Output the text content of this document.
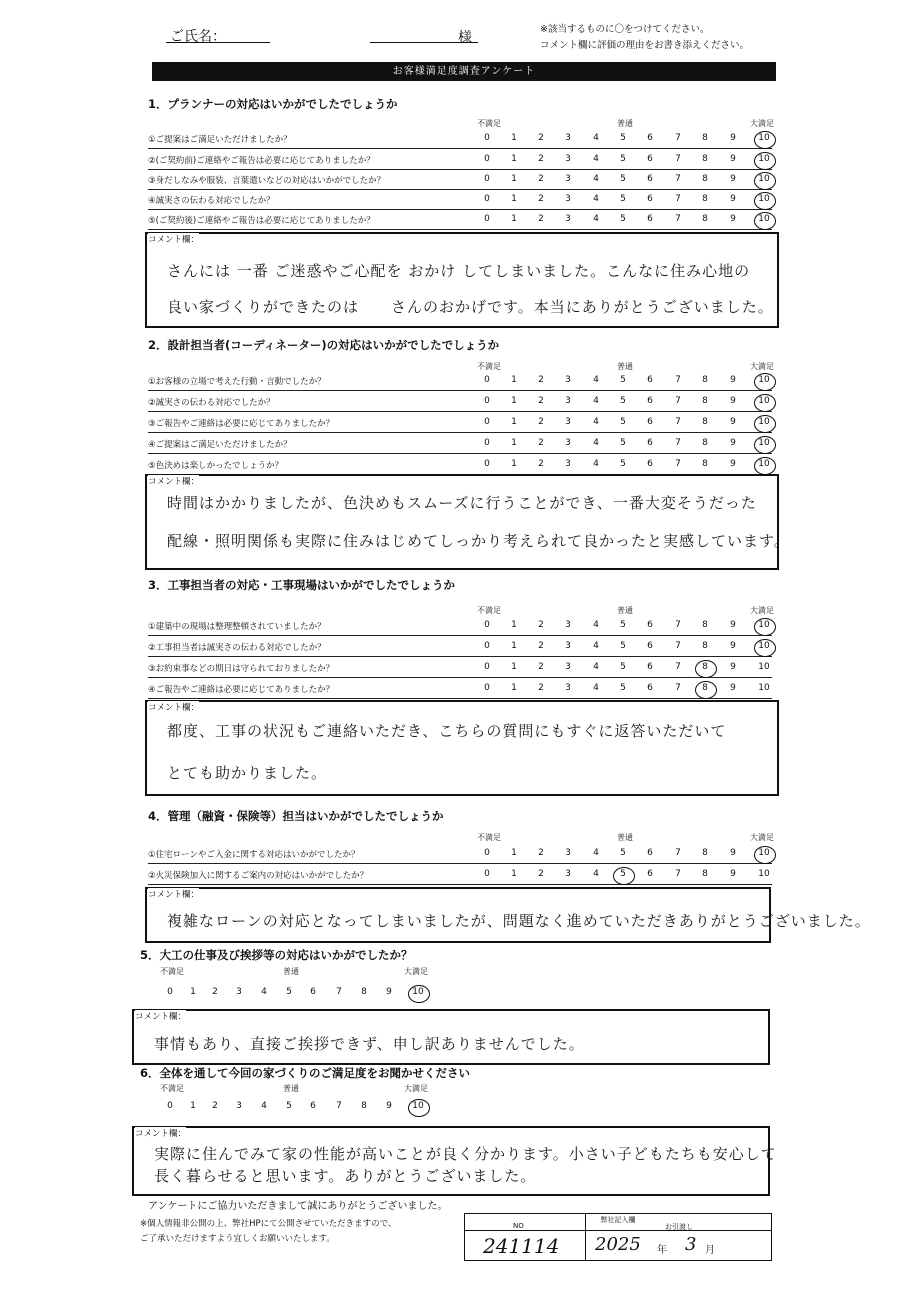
ご氏名：	様
※該当するものに〇をつけてください。
コメント欄に評価の理由をお書き添えください。
お客様満足度調査アンケート
1．プランナーの対応はいかがでしたでしょうか
不満足	普通	大満足
①ご提案はご満足いただけましたか？	0	1	2	3	4	5	6	7	8	9	10
②(ご契約前)ご連絡やご報告は必要に応じてありましたか？	0	1	2	3	4	5	6	7	8	9	10
③身だしなみや服装、言葉遣いなどの対応はいかがでしたか？	0	1	2	3	4	5	6	7	8	9	10
④誠実さの伝わる対応でしたか？	0	1	2	3	4	5	6	7	8	9	10
⑤(ご契約後)ご連絡やご報告は必要に応じてありましたか？	0	1	2	3	4	5	6	7	8	9	10
コメント欄：
さんには 一番 ご迷惑やご心配を おかけ してしまいました。こんなに住み心地の
良い家づくりができたのは　　さんのおかげです。本当にありがとうございました。
2．設計担当者(コーディネーター)の対応はいかがでしたでしょうか
不満足	普通	大満足
①お客様の立場で考えた行動・言動でしたか？	0	1	2	3	4	5	6	7	8	9	10
②誠実さの伝わる対応でしたか？	0	1	2	3	4	5	6	7	8	9	10
③ご報告やご連絡は必要に応じてありましたか？	0	1	2	3	4	5	6	7	8	9	10
④ご提案はご満足いただけましたか？	0	1	2	3	4	5	6	7	8	9	10
⑤色決めは楽しかったでしょうか？	0	1	2	3	4	5	6	7	8	9	10
コメント欄：
時間はかかりましたが、色決めもスムーズに行うことができ、一番大変そうだった
配線・照明関係も実際に住みはじめてしっかり考えられて良かったと実感しています。
3．工事担当者の対応・工事現場はいかがでしたでしょうか
不満足	普通	大満足
①建築中の現場は整理整頓されていましたか？	0	1	2	3	4	5	6	7	8	9	10
②工事担当者は誠実さの伝わる対応でしたか？	0	1	2	3	4	5	6	7	8	9	10
③お約束事などの期日は守られておりましたか？	0	1	2	3	4	5	6	7	8	9	10
④ご報告やご連絡は必要に応じてありましたか？	0	1	2	3	4	5	6	7	8	9	10
コメント欄：
都度、工事の状況もご連絡いただき、こちらの質問にもすぐに返答いただいて
とても助かりました。
4．管理（融資・保険等）担当はいかがでしたでしょうか
不満足	普通	大満足
①住宅ローンやご入金に関する対応はいかがでしたか？	0	1	2	3	4	5	6	7	8	9	10
②火災保険加入に関するご案内の対応はいかがでしたか？	0	1	2	3	4	5	6	7	8	9	10
コメント欄：
複雑なローンの対応となってしまいましたが、問題なく進めていただきありがとうございました。
5．大工の仕事及び挨拶等の対応はいかがでしたか？
不満足	普通	大満足
0	1	2	3	4	5	6	7	8	9	10
コメント欄：
事情もあり、直接ご挨拶できず、申し訳ありませんでした。
6．全体を通して今回の家づくりのご満足度をお聞かせください
不満足	普通	大満足
0	1	2	3	4	5	6	7	8	9	10
コメント欄：
実際に住んでみて家の性能が高いことが良く分かります。小さい子どもたちも安心して
長く暮らせると思います。ありがとうございました。
アンケートにご協力いただきまして誠にありがとうございました。
※個人情報非公開の上、弊社HPにて公開させていただきますので、
ご了承いただけますよう宜しくお願いいたします。
弊社記入欄
NO	お引渡し
241114 2025 年 3 月
